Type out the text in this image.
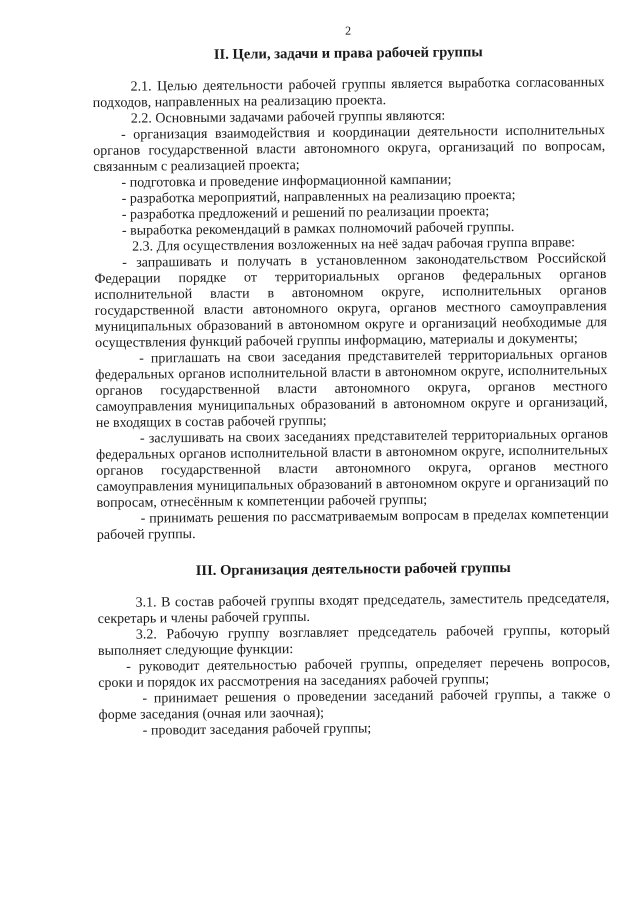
2
II. Цели, задачи и права рабочей группы

2.1. Целью деятельности рабочей группы является выработка согласованных подходов, направленных на реализацию проекта.

2.2. Основными задачами рабочей группы являются:

- организация взаимодействия и координации деятельности исполнительных органов государственной власти автономного округа, организаций по вопросам, связанным с реализацией проекта;

- подготовка и проведение информационной кампании;

- разработка мероприятий, направленных на реализацию проекта;

- разработка предложений и решений по реализации проекта;

- выработка рекомендаций в рамках полномочий рабочей группы.

2.3. Для осуществления возложенных на неё задач рабочая группа вправе:

- запрашивать и получать в установленном законодательством Российской Федерации порядке от территориальных органов федеральных органов исполнительной власти в автономном округе, исполнительных органов государственной власти автономного округа, органов местного самоуправления муниципальных образований в автономном округе и организаций необходимые для осуществления функций рабочей группы информацию, материалы и документы;

- приглашать на свои заседания представителей территориальных органов федеральных органов исполнительной власти в автономном округе, исполнительных органов государственной власти автономного округа, органов местного самоуправления муниципальных образований в автономном округе и организаций, не входящих в состав рабочей группы;

- заслушивать на своих заседаниях представителей территориальных органов федеральных органов исполнительной власти в автономном округе, исполнительных органов государственной власти автономного округа, органов местного самоуправления муниципальных образований в автономном округе и организаций по вопросам, отнесённым к компетенции рабочей группы;

- принимать решения по рассматриваемым вопросам в пределах компетенции рабочей группы.

III. Организация деятельности рабочей группы

3.1. В состав рабочей группы входят председатель, заместитель председателя, секретарь и члены рабочей группы.

3.2. Рабочую группу возглавляет председатель рабочей группы, который выполняет следующие функции:

- руководит деятельностью рабочей группы, определяет перечень вопросов, сроки и порядок их рассмотрения на заседаниях рабочей группы;

- принимает решения о проведении заседаний рабочей группы, а также о форме заседания (очная или заочная);

- проводит заседания рабочей группы;
